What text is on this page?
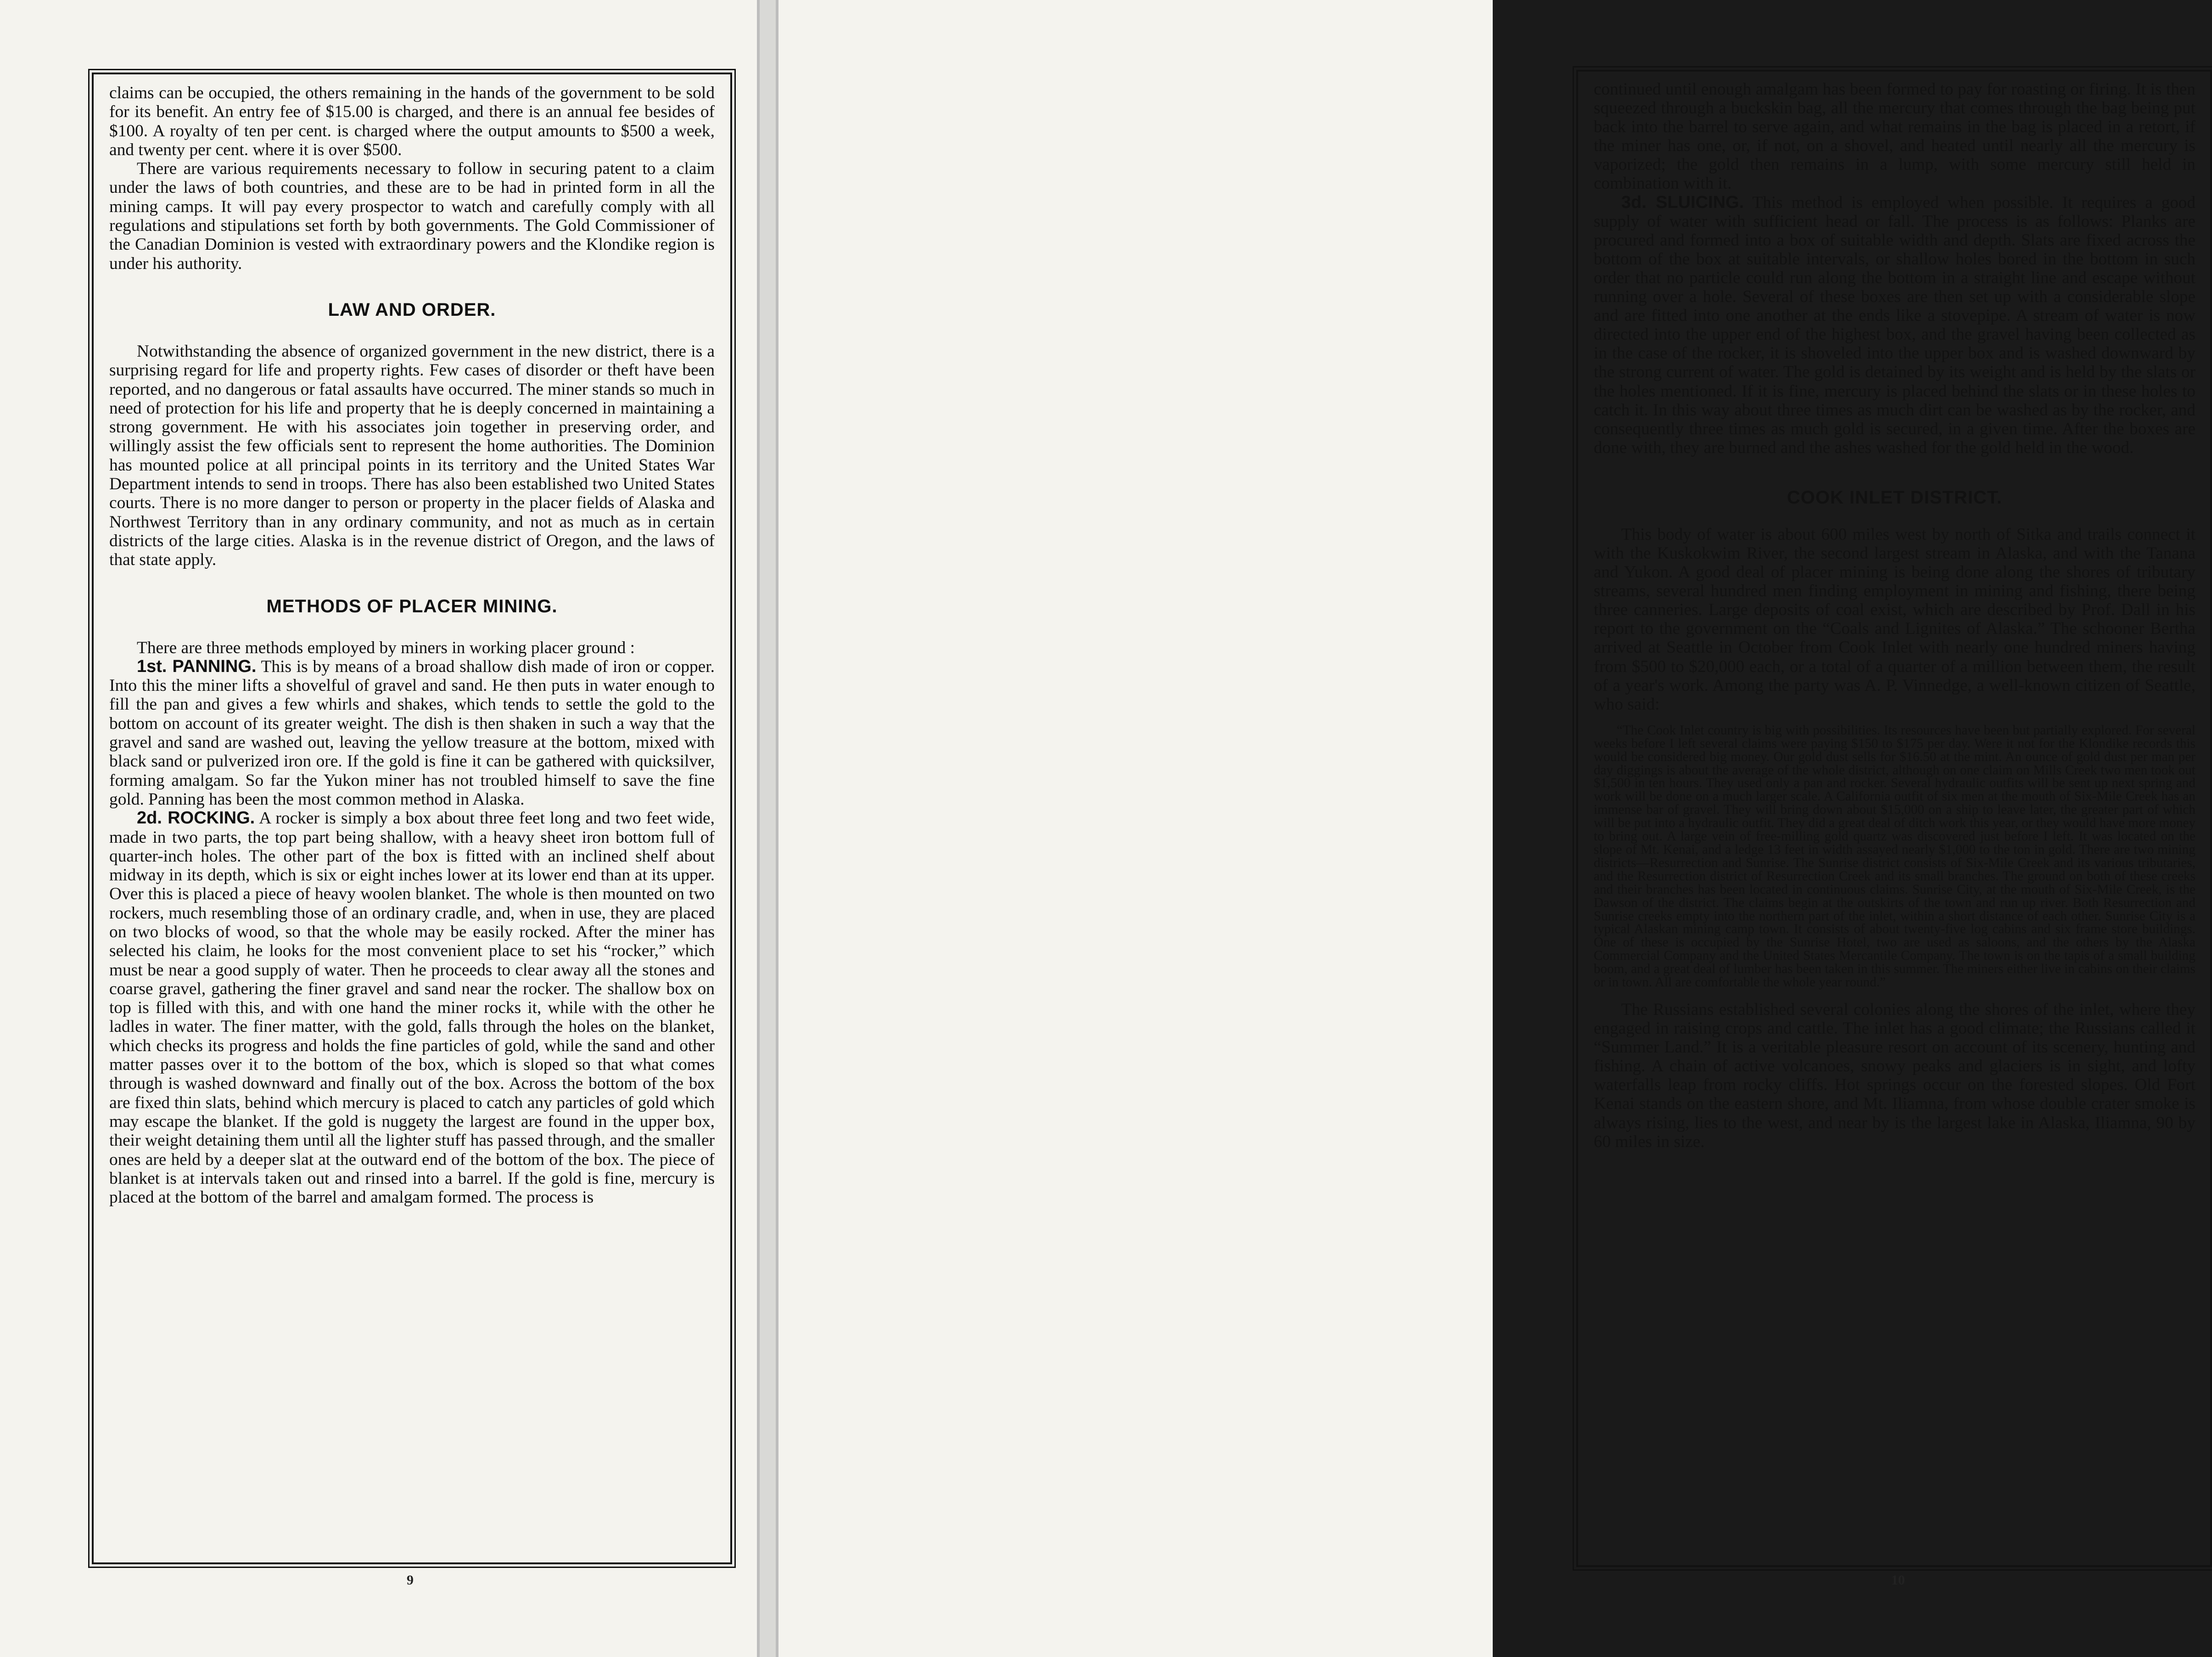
claims can be occupied, the others remaining in the hands of the government to be sold for its benefit. An entry fee of $15.00 is charged, and there is an annual fee besides of $100. A royalty of ten per cent. is charged where the output amounts to $500 a week, and twenty per cent. where it is over $500.

There are various requirements necessary to follow in securing patent to a claim under the laws of both countries, and these are to be had in printed form in all the mining camps. It will pay every prospector to watch and carefully comply with all regulations and stipulations set forth by both governments. The Gold Commissioner of the Canadian Dominion is vested with extraordinary powers and the Klondike region is under his authority.

LAW AND ORDER.

Notwithstanding the absence of organized government in the new district, there is a surprising regard for life and property rights. Few cases of disorder or theft have been reported, and no dangerous or fatal assaults have occurred. The miner stands so much in need of protection for his life and property that he is deeply concerned in maintaining a strong government. He with his associates join together in preserving order, and willingly assist the few officials sent to represent the home authorities. The Dominion has mounted police at all principal points in its territory and the United States War Department intends to send in troops. There has also been established two United States courts. There is no more danger to person or property in the placer fields of Alaska and Northwest Territory than in any ordinary community, and not as much as in certain districts of the large cities. Alaska is in the revenue district of Oregon, and the laws of that state apply.

METHODS OF PLACER MINING.

There are three methods employed by miners in working placer ground :

1st. PANNING. This is by means of a broad shallow dish made of iron or copper. Into this the miner lifts a shovelful of gravel and sand. He then puts in water enough to fill the pan and gives a few whirls and shakes, which tends to settle the gold to the bottom on account of its greater weight. The dish is then shaken in such a way that the gravel and sand are washed out, leaving the yellow treasure at the bottom, mixed with black sand or pulverized iron ore. If the gold is fine it can be gathered with quicksilver, forming amalgam. So far the Yukon miner has not troubled himself to save the fine gold. Panning has been the most common method in Alaska.

2d. ROCKING. A rocker is simply a box about three feet long and two feet wide, made in two parts, the top part being shallow, with a heavy sheet iron bottom full of quarter-inch holes. The other part of the box is fitted with an inclined shelf about midway in its depth, which is six or eight inches lower at its lower end than at its upper. Over this is placed a piece of heavy woolen blanket. The whole is then mounted on two rockers, much resembling those of an ordinary cradle, and, when in use, they are placed on two blocks of wood, so that the whole may be easily rocked. After the miner has selected his claim, he looks for the most convenient place to set his “rocker,” which must be near a good supply of water. Then he proceeds to clear away all the stones and coarse gravel, gathering the finer gravel and sand near the rocker. The shallow box on top is filled with this, and with one hand the miner rocks it, while with the other he ladles in water. The finer matter, with the gold, falls through the holes on the blanket, which checks its progress and holds the fine particles of gold, while the sand and other matter passes over it to the bottom of the box, which is sloped so that what comes through is washed downward and finally out of the box. Across the bottom of the box are fixed thin slats, behind which mercury is placed to catch any particles of gold which may escape the blanket. If the gold is nuggety the largest are found in the upper box, their weight detaining them until all the lighter stuff has passed through, and the smaller ones are held by a deeper slat at the outward end of the bottom of the box. The piece of blanket is at intervals taken out and rinsed into a barrel. If the gold is fine, mercury is placed at the bottom of the barrel and amalgam formed. The process is

9

continued until enough amalgam has been formed to pay for roasting or firing. It is then squeezed through a buckskin bag, all the mercury that comes through the bag being put back into the barrel to serve again, and what remains in the bag is placed in a retort, if the miner has one, or, if not, on a shovel, and heated until nearly all the mercury is vaporized; the gold then remains in a lump, with some mercury still held in combination with it.

3d. SLUICING. This method is employed when possible. It requires a good supply of water with sufficient head or fall. The process is as follows: Planks are procured and formed into a box of suitable width and depth. Slats are fixed across the bottom of the box at suitable intervals, or shallow holes bored in the bottom in such order that no particle could run along the bottom in a straight line and escape without running over a hole. Several of these boxes are then set up with a considerable slope and are fitted into one another at the ends like a stovepipe. A stream of water is now directed into the upper end of the highest box, and the gravel having been collected as in the case of the rocker, it is shoveled into the upper box and is washed downward by the strong current of water. The gold is detained by its weight and is held by the slats or the holes mentioned. If it is fine, mercury is placed behind the slats or in these holes to catch it. In this way about three times as much dirt can be washed as by the rocker, and consequently three times as much gold is secured, in a given time. After the boxes are done with, they are burned and the ashes washed for the gold held in the wood.

COOK INLET DISTRICT.

This body of water is about 600 miles west by north of Sitka and trails connect it with the Kuskokwim River, the second largest stream in Alaska, and with the Tanana and Yukon. A good deal of placer mining is being done along the shores of tributary streams, several hundred men finding employment in mining and fishing, there being three canneries. Large deposits of coal exist, which are described by Prof. Dall in his report to the government on the “Coals and Lignites of Alaska.” The schooner Bertha arrived at Seattle in October from Cook Inlet with nearly one hundred miners having from $500 to $20,000 each, or a total of a quarter of a million between them, the result of a year's work. Among the party was A. P. Vinnedge, a well-known citizen of Seattle, who said:

“The Cook Inlet country is big with possibilities. Its resources have been but partially explored. For several weeks before I left several claims were paying $150 to $175 per day. Were it not for the Klondike records this would be considered big money. Our gold dust sells for $16.50 at the mint. An ounce of gold dust per man per day diggings is about the average of the whole district, although on one claim on Mills Creek two men took out $1,500 in ten hours. They used only a pan and rocker. Several hydraulic outfits will be sent up next spring and work will be done on a much larger scale. A California outfit of six men at the mouth of Six-Mile Creek has an immense bar of gravel. They will bring down about $15,000 on a ship to leave later, the greater part of which will be put into a hydraulic outfit. They did a great deal of ditch work this year, or they would have more money to bring out. A large vein of free-milling gold quartz was discovered just before I left. It was located on the slope of Mt. Kenai, and a ledge 13 feet in width assayed nearly $1,000 to the ton in gold. There are two mining districts—Resurrection and Sunrise. The Sunrise district consists of Six-Mile Creek and its various tributaries, and the Resurrection district of Resurrection Creek and its small branches. The ground on both of these creeks and their branches has been located in continuous claims. Sunrise City, at the mouth of Six-Mile Creek, is the Dawson of the district. The claims begin at the outskirts of the town and run up river. Both Resurrection and Sunrise creeks empty into the northern part of the inlet, within a short distance of each other. Sunrise City is a typical Alaskan mining camp town. It consists of about twenty-five log cabins and six frame store buildings. One of these is occupied by the Sunrise Hotel, two are used as saloons, and the others by the Alaska Commercial Company and the United States Mercantile Company. The town is on the tapis of a small building boom, and a great deal of lumber has been taken in this summer. The miners either live in cabins on their claims or in town. All are comfortable the whole year round.”

The Russians established several colonies along the shores of the inlet, where they engaged in raising crops and cattle. The inlet has a good climate; the Russians called it “Summer Land.” It is a veritable pleasure resort on account of its scenery, hunting and fishing. A chain of active volcanoes, snowy peaks and glaciers is in sight, and lofty waterfalls leap from rocky cliffs. Hot springs occur on the forested slopes. Old Fort Kenai stands on the eastern shore, and Mt. Iliamna, from whose double crater smoke is always rising, lies to the west, and near by is the largest lake in Alaska, Iliamna, 90 by 60 miles in size.

10
